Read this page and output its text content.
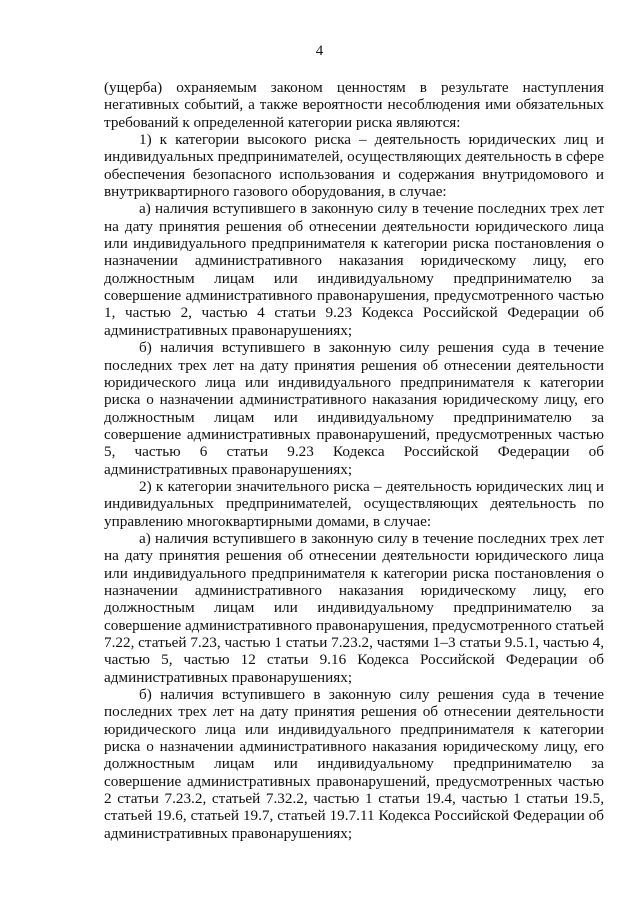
4

(ущерба) охраняемым законом ценностям в результате наступления негативных событий, а также вероятности несоблюдения ими обязательных требований к определенной категории риска являются:

1) к категории высокого риска – деятельность юридических лиц и индивидуальных предпринимателей, осуществляющих деятельность в сфере обеспечения безопасного использования и содержания внутридомового и внутриквартирного газового оборудования, в случае:

а) наличия вступившего в законную силу в течение последних трех лет на дату принятия решения об отнесении деятельности юридического лица или индивидуального предпринимателя к категории риска постановления о назначении административного наказания юридическому лицу, его должностным лицам или индивидуальному предпринимателю за совершение административного правонарушения, предусмотренного частью 1, частью 2, частью 4 статьи 9.23 Кодекса Российской Федерации об административных правонарушениях;

б) наличия вступившего в законную силу решения суда в течение последних трех лет на дату принятия решения об отнесении деятельности юридического лица или индивидуального предпринимателя к категории риска о назначении административного наказания юридическому лицу, его должностным лицам или индивидуальному предпринимателю за совершение административных правонарушений, предусмотренных частью 5, частью 6 статьи 9.23 Кодекса Российской Федерации об административных правонарушениях;

2) к категории значительного риска – деятельность юридических лиц и индивидуальных предпринимателей, осуществляющих деятельность по управлению многоквартирными домами, в случае:

а) наличия вступившего в законную силу в течение последних трех лет на дату принятия решения об отнесении деятельности юридического лица или индивидуального предпринимателя к категории риска постановления о назначении административного наказания юридическому лицу, его должностным лицам или индивидуальному предпринимателю за совершение административного правонарушения, предусмотренного статьей 7.22, статьей 7.23, частью 1 статьи 7.23.2, частями 1–3 статьи 9.5.1, частью 4, частью 5, частью 12 статьи 9.16 Кодекса Российской Федерации об административных правонарушениях;

б) наличия вступившего в законную силу решения суда в течение последних трех лет на дату принятия решения об отнесении деятельности юридического лица или индивидуального предпринимателя к категории риска о назначении административного наказания юридическому лицу, его должностным лицам или индивидуальному предпринимателю за совершение административных правонарушений, предусмотренных частью 2 статьи 7.23.2, статьей 7.32.2, частью 1 статьи 19.4, частью 1 статьи 19.5, статьей 19.6, статьей 19.7, статьей 19.7.11 Кодекса Российской Федерации об административных правонарушениях;
